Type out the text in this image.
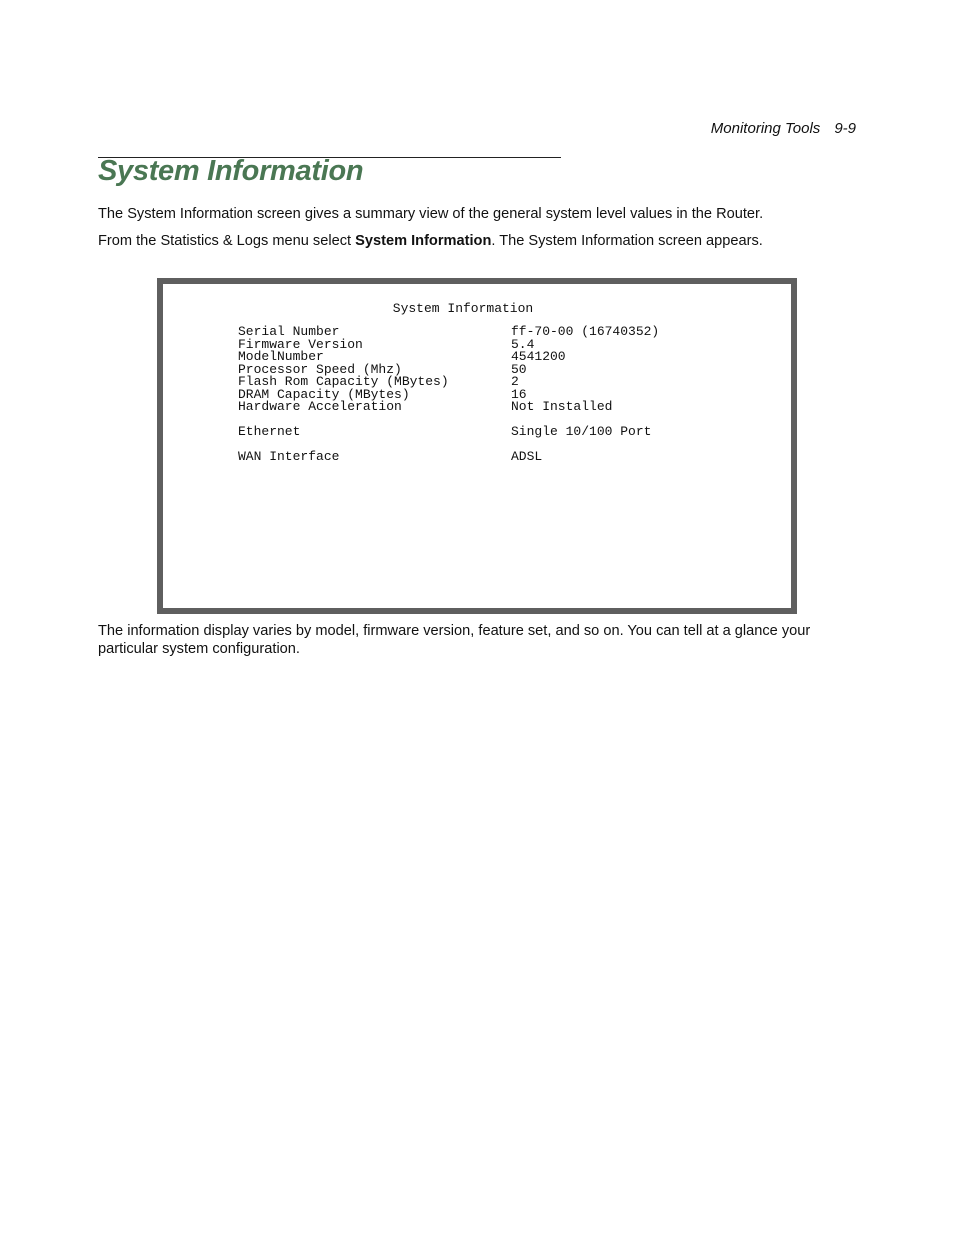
Monitoring Tools 9-9
System Information

The System Information screen gives a summary view of the general system level values in the Router.

From the Statistics & Logs menu select System Information. The System Information screen appears.

System Information
Serial Number	ff-70-00 (16740352)
Firmware Version	5.4
ModelNumber	4541200
Processor Speed (Mhz)	50
Flash Rom Capacity (MBytes)	2
DRAM Capacity (MBytes)	16
Hardware Acceleration	Not Installed
Ethernet	Single 10/100 Port
WAN Interface	ADSL

The information display varies by model, firmware version, feature set, and so on. You can tell at a glance your particular system configuration.
